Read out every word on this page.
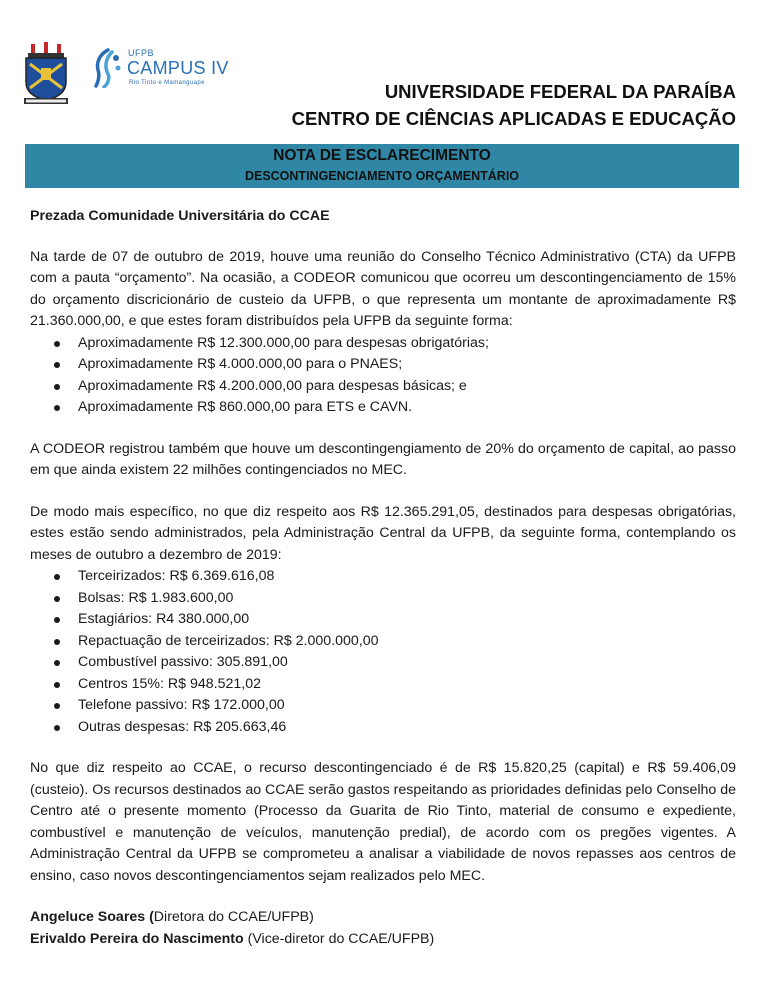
UFPB
CAMPUS IV
Rio Tinto e Mamanguape	UNIVERSIDADE FEDERAL DA PARAÍBA
CENTRO DE CIÊNCIAS APLICADAS E EDUCAÇÃO
NOTA DE ESCLARECIMENTO
DESCONTINGENCIAMENTO ORÇAMENTÁRIO
Prezada Comunidade Universitária do CCAE
Na tarde de 07 de outubro de 2019, houve uma reunião do Conselho Técnico Administrativo (CTA) da UFPB com a pauta “orçamento”. Na ocasião, a CODEOR comunicou que ocorreu um descontingenciamento de 15% do orçamento discricionário de custeio da UFPB, o que representa um montante de aproximadamente R$ 21.360.000,00, e que estes foram distribuídos pela UFPB da seguinte forma:
Aproximadamente R$ 12.300.000,00 para despesas obrigatórias;
Aproximadamente R$ 4.000.000,00 para o PNAES;
Aproximadamente R$ 4.200.000,00 para despesas básicas; e
Aproximadamente R$ 860.000,00 para ETS e CAVN.
A CODEOR registrou também que houve um descontingengiamento de 20% do orçamento de capital, ao passo em que ainda existem 22 milhões contingenciados no MEC.
De modo mais específico, no que diz respeito aos R$ 12.365.291,05, destinados para despesas obrigatórias, estes estão sendo administrados, pela Administração Central da UFPB, da seguinte forma, contemplando os meses de outubro a dezembro de 2019:
Terceirizados: R$ 6.369.616,08
Bolsas: R$ 1.983.600,00
Estagiários: R4 380.000,00
Repactuação de terceirizados: R$ 2.000.000,00
Combustível passivo: 305.891,00
Centros 15%: R$ 948.521,02
Telefone passivo: R$ 172.000,00
Outras despesas: R$ 205.663,46
No que diz respeito ao CCAE, o recurso descontingenciado é de R$ 15.820,25 (capital) e R$ 59.406,09 (custeio). Os recursos destinados ao CCAE serão gastos respeitando as prioridades definidas pelo Conselho de Centro até o presente momento (Processo da Guarita de Rio Tinto, material de consumo e expediente, combustível e manutenção de veículos, manutenção predial), de acordo com os pregões vigentes. A Administração Central da UFPB se comprometeu a analisar a viabilidade de novos repasses aos centros de ensino, caso novos descontingenciamentos sejam realizados pelo MEC.
Angeluce Soares (Diretora do CCAE/UFPB)
Erivaldo Pereira do Nascimento (Vice-diretor do CCAE/UFPB)
